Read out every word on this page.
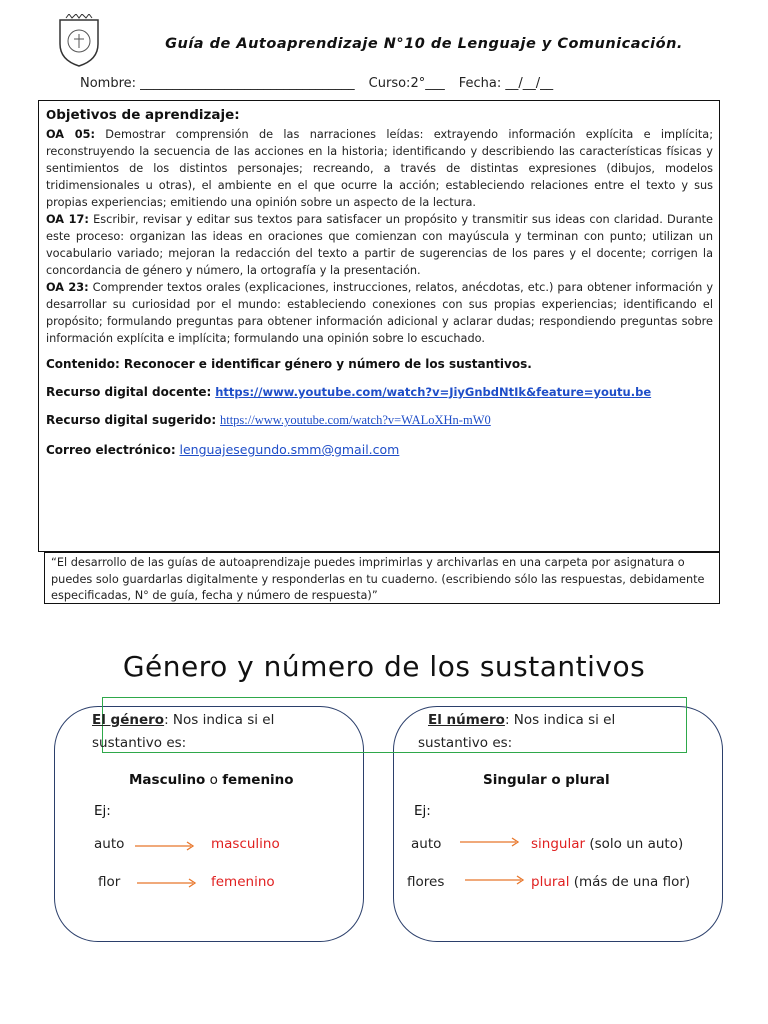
Guía de Autoaprendizaje N°10 de Lenguaje y Comunicación.
Nombre: _________________________________ Curso:2°___ Fecha: __/__/__
Objetivos de aprendizaje:

OA 05: Demostrar comprensión de las narraciones leídas: extrayendo información explícita e implícita; reconstruyendo la secuencia de las acciones en la historia; identificando y describiendo las características físicas y sentimientos de los distintos personajes; recreando, a través de distintas expresiones (dibujos, modelos tridimensionales u otras), el ambiente en el que ocurre la acción; estableciendo relaciones entre el texto y sus propias experiencias; emitiendo una opinión sobre un aspecto de la lectura.

OA 17: Escribir, revisar y editar sus textos para satisfacer un propósito y transmitir sus ideas con claridad. Durante este proceso: organizan las ideas en oraciones que comienzan con mayúscula y terminan con punto; utilizan un vocabulario variado; mejoran la redacción del texto a partir de sugerencias de los pares y el docente; corrigen la concordancia de género y número, la ortografía y la presentación.

OA 23: Comprender textos orales (explicaciones, instrucciones, relatos, anécdotas, etc.) para obtener información y desarrollar su curiosidad por el mundo: estableciendo conexiones con sus propias experiencias; identificando el propósito; formulando preguntas para obtener información adicional y aclarar dudas; respondiendo preguntas sobre información explícita e implícita; formulando una opinión sobre lo escuchado.

Contenido: Reconocer e identificar género y número de los sustantivos.
Recurso digital docente: https://www.youtube.com/watch?v=JiyGnbdNtIk&feature=youtu.be
Recurso digital sugerido: https://www.youtube.com/watch?v=WALoXHn-mW0
Correo electrónico: lenguajesegundo.smm@gmail.com
“El desarrollo de las guías de autoaprendizaje puedes imprimirlas y archivarlas en una carpeta por asignatura o puedes solo guardarlas digitalmente y responderlas en tu cuaderno. (escribiendo sólo las respuestas, debidamente especificadas, N° de guía, fecha y número de respuesta)”
Género y número de los sustantivos
El género: Nos indica si el
sustantivo es:
Masculino o femenino
Ej:
auto	masculino
flor	femenino
El número: Nos indica si el
sustantivo es:
Singular o plural
Ej:
auto	singular (solo un auto)
flores	plural (más de una flor)
